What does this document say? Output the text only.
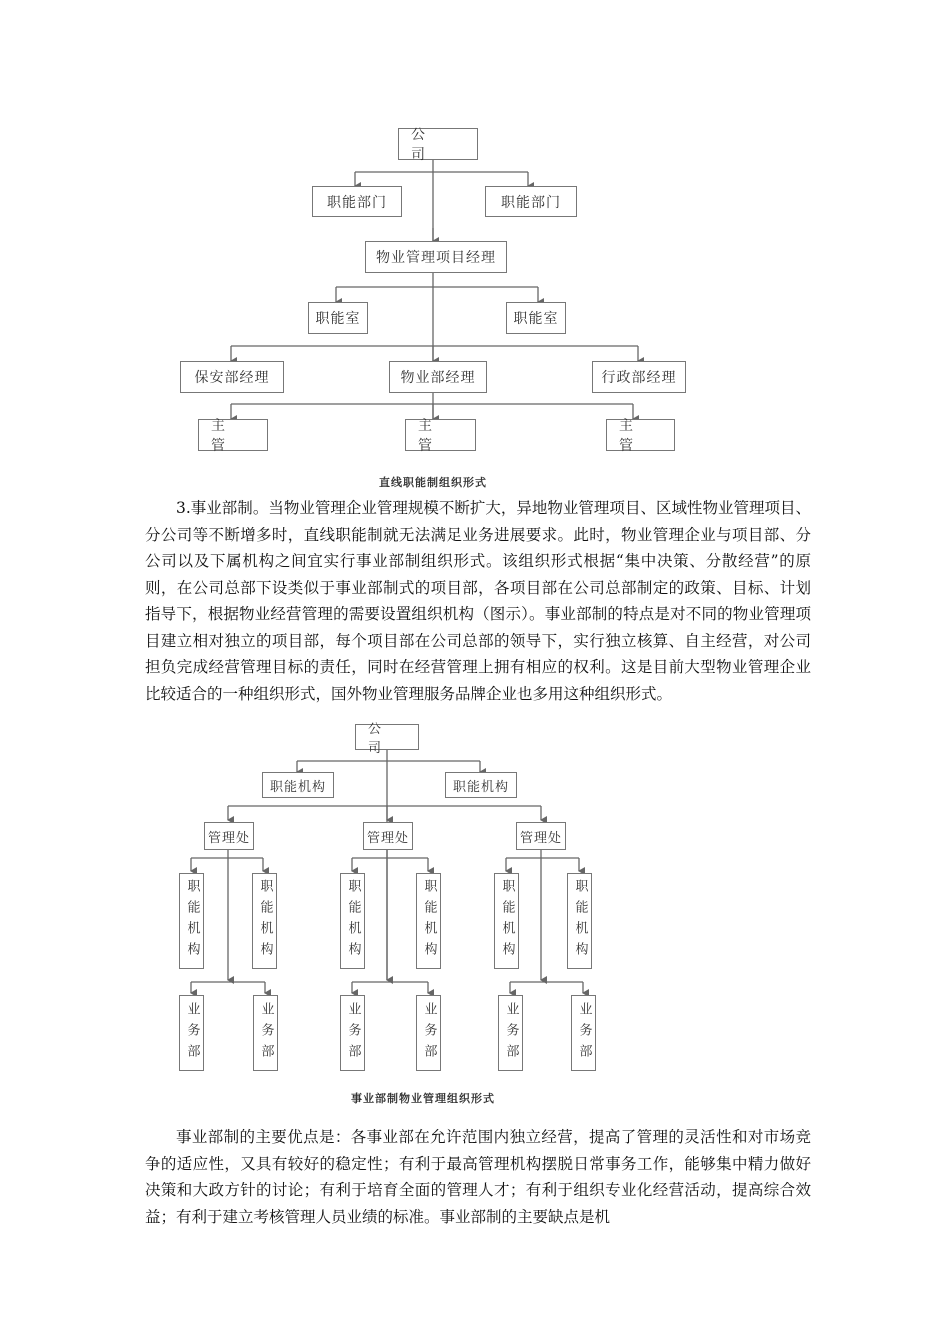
公 司
职能部门	职能部门
物业管理项目经理
职能室	职能室
保安部经理	物业部经理	行政部经理
主 管
主 管
主 管
直线职能制组织形式

3.事业部制。当物业管理企业管理规模不断扩大，异地物业管理项目、区域性物业管理项目、分公司等不断增多时，直线职能制就无法满足业务进展要求。此时，物业管理企业与项目部、分公司以及下属机构之间宜实行事业部制组织形式。该组织形式根据“集中决策、分散经营”的原则，在公司总部下设类似于事业部制式的项目部，各项目部在公司总部制定的政策、目标、计划指导下，根据物业经营管理的需要设置组织机构（图示）。事业部制的特点是对不同的物业管理项目建立相对独立的项目部，每个项目部在公司总部的领导下，实行独立核算、自主经营，对公司担负完成经营管理目标的责任，同时在经营管理上拥有相应的权利。这是目前大型物业管理企业比较适合的一种组织形式，国外物业管理服务品牌企业也多用这种组织形式。

公 司
职能机构	职能机构
管理处	管理处	管理处
职能机构	职能机构	职能机构	职能机构	职能机构	职能机构
业务部	业务部	业务部	业务部	业务部	业务部
事业部制物业管理组织形式

事业部制的主要优点是：各事业部在允许范围内独立经营，提高了管理的灵活性和对市场竞争的适应性，又具有较好的稳定性；有利于最高管理机构摆脱日常事务工作，能够集中精力做好决策和大政方针的讨论；有利于培育全面的管理人才；有利于组织专业化经营活动，提高综合效益；有利于建立考核管理人员业绩的标准。事业部制的主要缺点是机
